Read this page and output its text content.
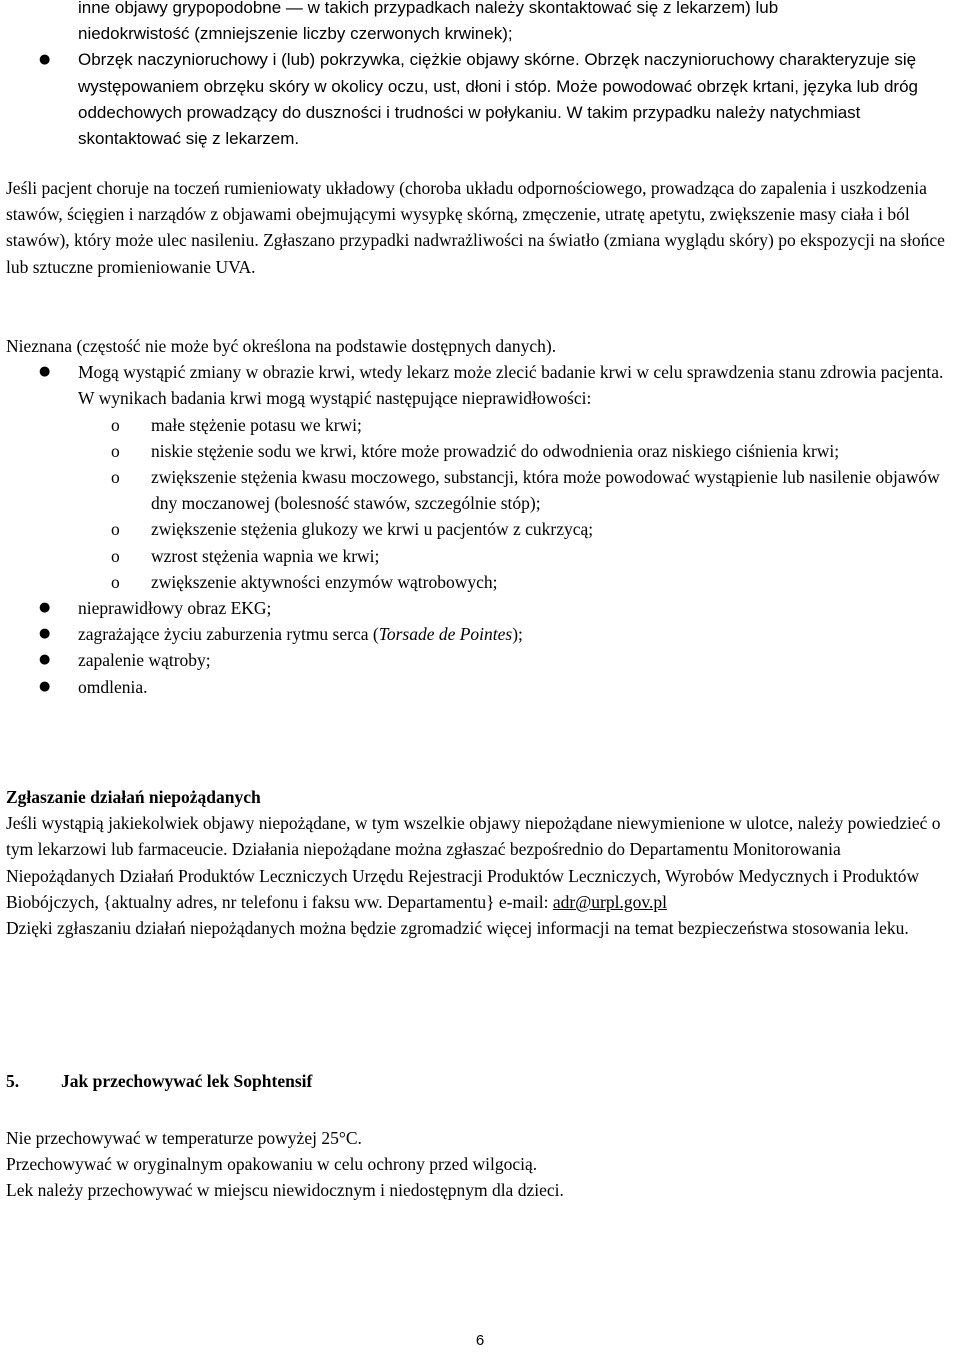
inne objawy grypopodobne — w takich przypadkach należy skontaktować się z lekarzem) lub
niedokrwistość (zmniejszenie liczby czerwonych krwinek);
● Obrzęk naczynioruchowy i (lub) pokrzywka, ciężkie objawy skórne. Obrzęk naczynioruchowy charakteryzuje się występowaniem obrzęku skóry w okolicy oczu, ust, dłoni i stóp. Może powodować obrzęk krtani, języka lub dróg oddechowych prowadzący do duszności i trudności w połykaniu. W takim przypadku należy natychmiast skontaktować się z lekarzem.

Jeśli pacjent choruje na toczeń rumieniowaty układowy (choroba układu odpornościowego, prowadząca do zapalenia i uszkodzenia stawów, ścięgien i narządów z objawami obejmującymi wysypkę skórną, zmęczenie, utratę apetytu, zwiększenie masy ciała i ból stawów), który może ulec nasileniu. Zgłaszano przypadki nadwrażliwości na światło (zmiana wyglądu skóry) po ekspozycji na słońce lub sztuczne promieniowanie UVA.

Nieznana (częstość nie może być określona na podstawie dostępnych danych).

● Mogą wystąpić zmiany w obrazie krwi, wtedy lekarz może zlecić badanie krwi w celu sprawdzenia stanu zdrowia pacjenta. W wynikach badania krwi mogą wystąpić następujące nieprawidłowości:
o małe stężenie potasu we krwi;
o niskie stężenie sodu we krwi, które może prowadzić do odwodnienia oraz niskiego ciśnienia krwi;
o zwiększenie stężenia kwasu moczowego, substancji, która może powodować wystąpienie lub nasilenie objawów dny moczanowej (bolesność stawów, szczególnie stóp);
o zwiększenie stężenia glukozy we krwi u pacjentów z cukrzycą;
o wzrost stężenia wapnia we krwi;
o zwiększenie aktywności enzymów wątrobowych;
● nieprawidłowy obraz EKG;
● zagrażające życiu zaburzenia rytmu serca (Torsade de Pointes);
● zapalenie wątroby;
● omdlenia.

Zgłaszanie działań niepożądanych

Jeśli wystąpią jakiekolwiek objawy niepożądane, w tym wszelkie objawy niepożądane niewymienione w ulotce, należy powiedzieć o tym lekarzowi lub farmaceucie. Działania niepożądane można zgłaszać bezpośrednio do Departamentu Monitorowania Niepożądanych Działań Produktów Leczniczych Urzędu Rejestracji Produktów Leczniczych, Wyrobów Medycznych i Produktów Biobójczych, {aktualny adres, nr telefonu i faksu ww. Departamentu} e-mail: adr@urpl.gov.pl

Dzięki zgłaszaniu działań niepożądanych można będzie zgromadzić więcej informacji na temat bezpieczeństwa stosowania leku.

5. Jak przechowywać lek Sophtensif

Nie przechowywać w temperaturze powyżej 25°C.

Przechowywać w oryginalnym opakowaniu w celu ochrony przed wilgocią.

Lek należy przechowywać w miejscu niewidocznym i niedostępnym dla dzieci.

6
